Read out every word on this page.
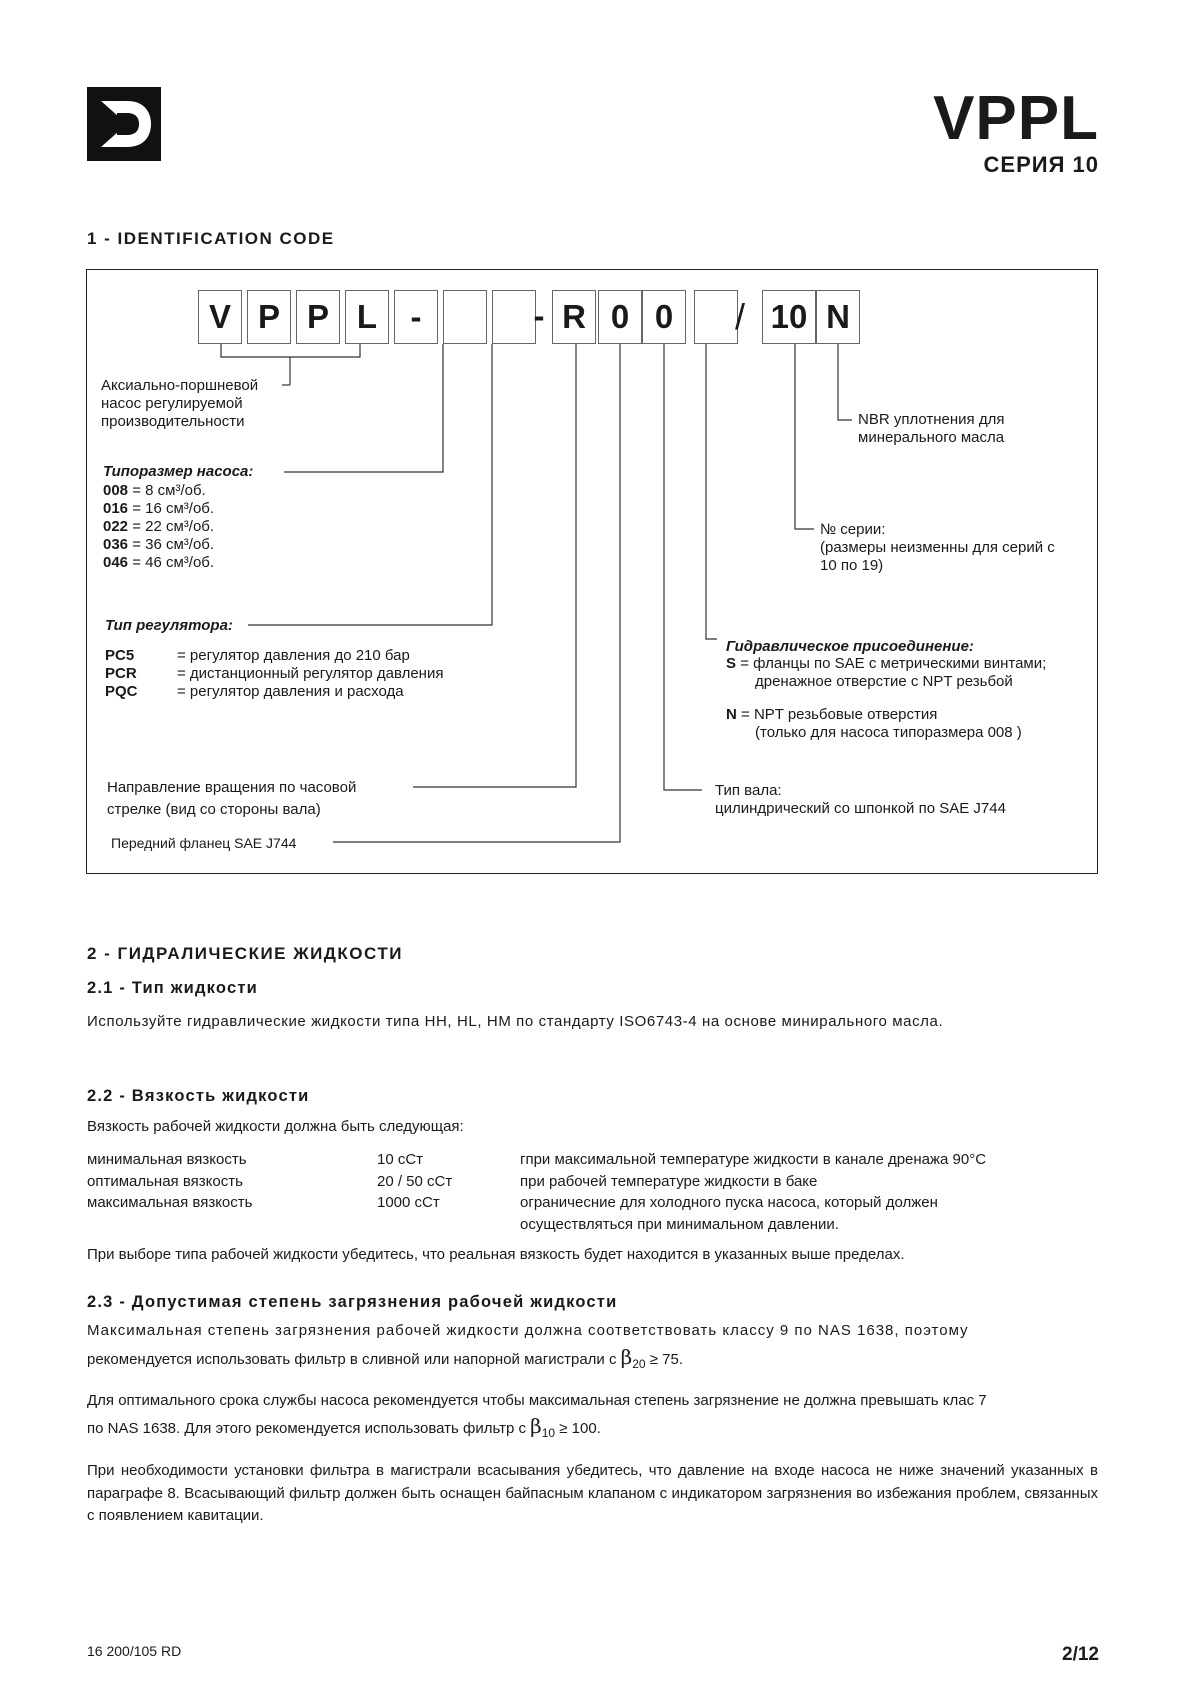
VPPL
СЕРИЯ 10
1 - IDENTIFICATION CODE
V P P L	-	- R 0 0	/ 10 N
Аксиально-поршневой
насос регулируемой
производительности
Типоразмер насоса:
008 = 8 см³/об.
016 = 16 см³/об.
022 = 22 см³/об.
036 = 36 см³/об.
046 = 46 см³/об.
Тип регулятора:
PC5	= регулятор давления до 210 бар
PCR	= дистанционный регулятор давления
PQC	= регулятор давления и расхода
Направление вращения по часовой
стрелке (вид со стороны вала)
Передний фланец SAE J744
NBR уплотнения для
минерального масла
№ серии:
(размеры неизменны для серий с
10 по 19)
Гидравлическое присоединение:
S = фланцы по SAE с метрическими винтами;
дренажное отверстие с NPT резьбой
N = NPT резьбовые отверстия
(только для насоса типоразмера 008 )
Тип вала:
цилиндрический со шпонкой по SAE J744
2 - ГИДРАЛИЧЕСКИЕ ЖИДКОСТИ
2.1 - Тип жидкости
Используйте гидравлические жидкости типа HH, HL, HM по стандарту ISO6743-4 на основе минирального масла.
2.2 - Вязкость жидкости
Вязкость рабочей жидкости должна быть следующая:
минимальная вязкость	10 cCт	гпри максимальной температуре жидкости в канале дренажа 90°C
оптимальная вязкость	20 / 50 cCт	при рабочей температуре жидкости в баке
максимальная вязкость	1000 cCт	ограничесние для холодного пуска насоса, который должен
осуществляться при минимальном давлении.
При выборе типа рабочей жидкости убедитесь, что реальная вязкость будет находится в указанных выше пределах.
2.3 - Допустимая степень загрязнения рабочей жидкости
Максимальная степень загрязнения рабочей жидкости должна соответствовать классу 9 по NAS 1638, поэтому
рекомендуется использовать фильтр в сливной или напорной магистрали с $\beta_{20} \ge 75$.
Для оптимального срока службы насоса рекомендуется чтобы максимальная степень загрязнение не должна превышать клас 7
по NAS 1638. Для этого рекомендуется использовать фильтр с $\beta_{10} \ge 100$.
При необходимости установки фильтра в магистрали всасывания убедитесь, что давление на входе насоса не ниже значений указанных в параграфе 8. Всасывающий фильтр должен быть оснащен байпасным клапаном с индикатором загрязнения во избежания проблем, связанных с появлением кавитации.
16 200/105 RD	2/12
